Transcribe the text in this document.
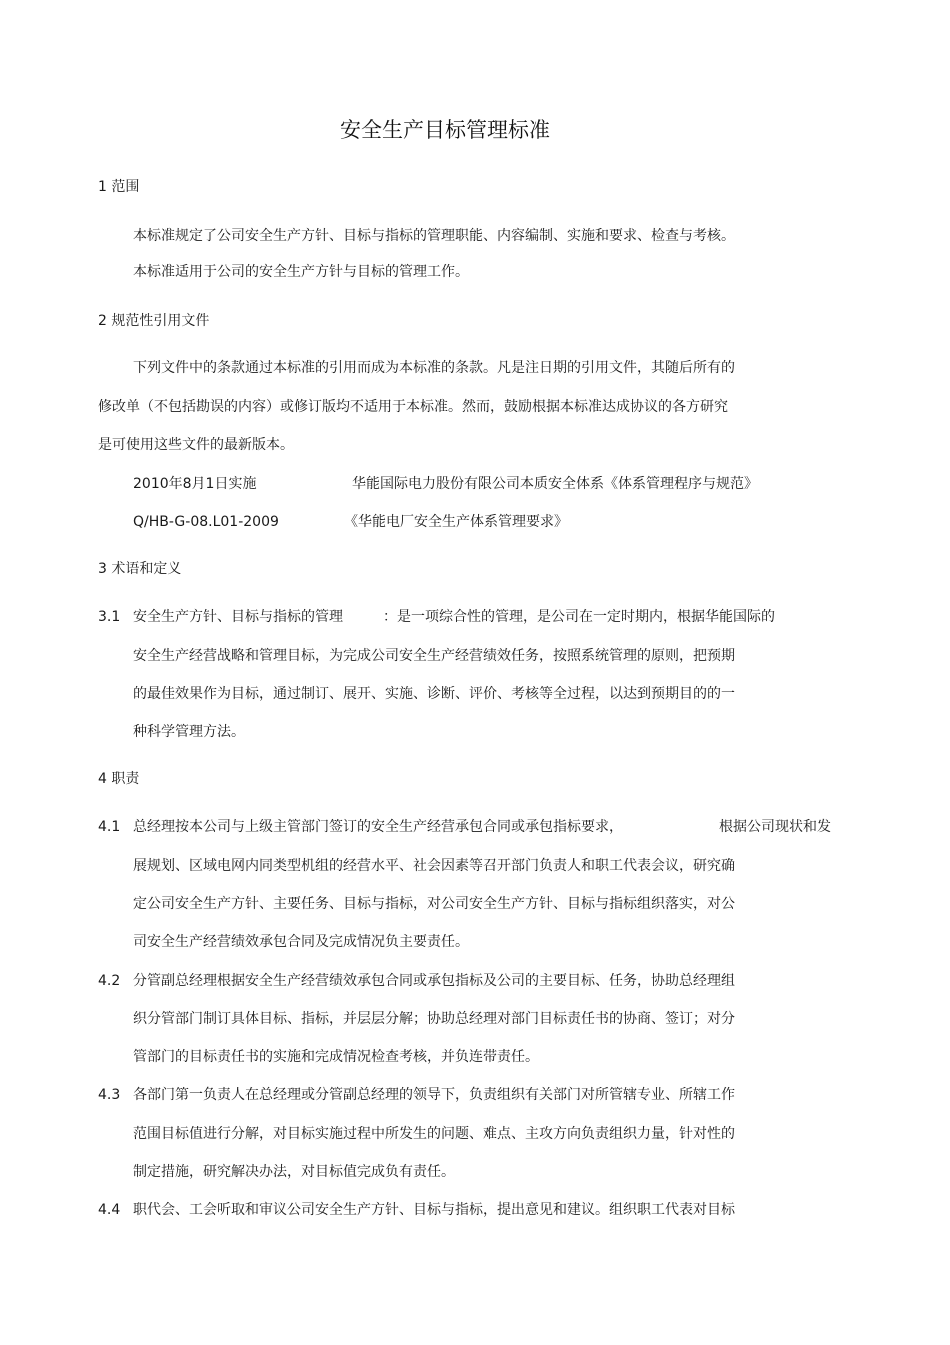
安全生产目标管理标准
1 范围
本标准规定了公司安全生产方针、目标与指标的管理职能、内容编制、实施和要求、检查与考核。
本标准适用于公司的安全生产方针与目标的管理工作。
2 规范性引用文件
下列文件中的条款通过本标准的引用而成为本标准的条款。凡是注日期的引用文件，其随后所有的
修改单（不包括勘误的内容）或修订版均不适用于本标准。然而，鼓励根据本标准达成协议的各方研究
是可使用这些文件的最新版本。
2010年8月1日实施	华能国际电力股份有限公司本质安全体系《体系管理程序与规范》
Q/HB-G-08.L01-2009	《华能电厂安全生产体系管理要求》
3 术语和定义
3.1 安全生产方针、目标与指标的管理	：是一项综合性的管理，是公司在一定时期内，根据华能国际的
安全生产经营战略和管理目标，为完成公司安全生产经营绩效任务，按照系统管理的原则，把预期
的最佳效果作为目标，通过制订、展开、实施、诊断、评价、考核等全过程，以达到预期目的的一
种科学管理方法。
4 职责
4.1 总经理按本公司与上级主管部门签订的安全生产经营承包合同或承包指标要求，	根据公司现状和发
展规划、区域电网内同类型机组的经营水平、社会因素等召开部门负责人和职工代表会议，研究确
定公司安全生产方针、主要任务、目标与指标，对公司安全生产方针、目标与指标组织落实，对公
司安全生产经营绩效承包合同及完成情况负主要责任。
4.2 分管副总经理根据安全生产经营绩效承包合同或承包指标及公司的主要目标、任务，协助总经理组
织分管部门制订具体目标、指标，并层层分解；协助总经理对部门目标责任书的协商、签订；对分
管部门的目标责任书的实施和完成情况检查考核，并负连带责任。
4.3 各部门第一负责人在总经理或分管副总经理的领导下，负责组织有关部门对所管辖专业、所辖工作
范围目标值进行分解，对目标实施过程中所发生的问题、难点、主攻方向负责组织力量，针对性的
制定措施，研究解决办法，对目标值完成负有责任。
4.4 职代会、工会听取和审议公司安全生产方针、目标与指标，提出意见和建议。组织职工代表对目标
